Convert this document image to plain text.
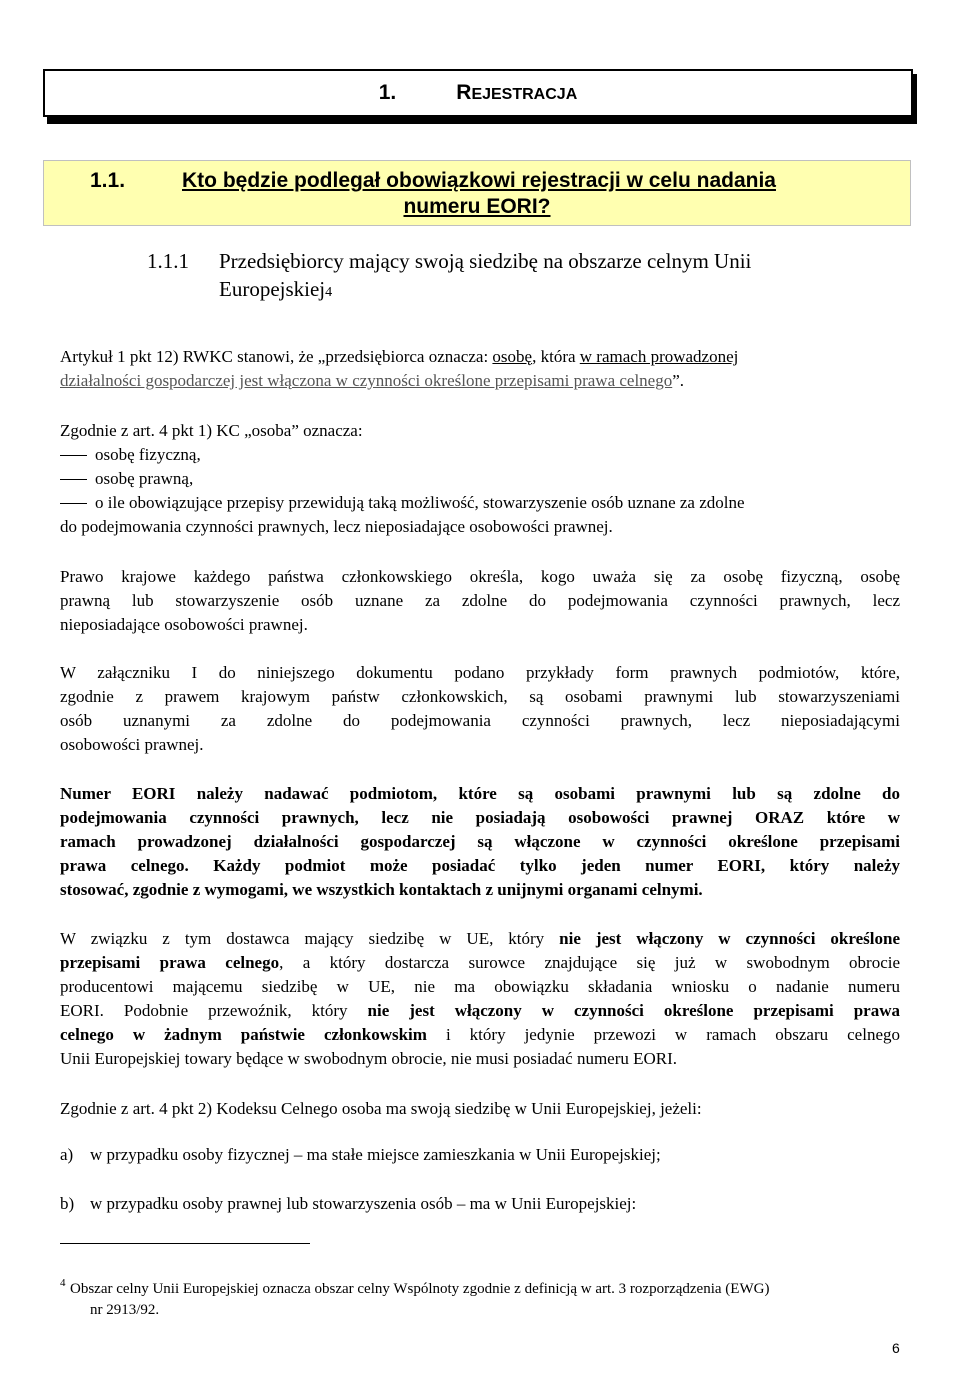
1.	REJESTRACJA
1.1.	Kto będzie podlegał obowiązkowi rejestracji w celu nadania
numeru EORI?
1.1.1 Przedsiębiorcy mający swoją siedzibę na obszarze celnym Unii
Europejskiej4
Artykuł 1 pkt 12) RWKC stanowi, że „przedsiębiorca oznacza: osobę, która w ramach prowadzonej
działalności gospodarczej jest włączona w czynności określone przepisami prawa celnego”.
Zgodnie z art. 4 pkt 1) KC „osoba” oznacza:
osobę fizyczną,
osobę prawną,
o ile obowiązujące przepisy przewidują taką możliwość, stowarzyszenie osób uznane za zdolne
do podejmowania czynności prawnych, lecz nieposiadające osobowości prawnej.
Prawo krajowe każdego państwa członkowskiego określa, kogo uważa się za osobę fizyczną, osobę
prawną lub stowarzyszenie osób uznane za zdolne do podejmowania czynności prawnych, lecz
nieposiadające osobowości prawnej.
W załączniku I do niniejszego dokumentu podano przykłady form prawnych podmiotów, które,
zgodnie z prawem krajowym państw członkowskich, są osobami prawnymi lub stowarzyszeniami
osób uznanymi za zdolne do podejmowania czynności prawnych, lecz nieposiadającymi
osobowości prawnej.
Numer EORI należy nadawać podmiotom, które są osobami prawnymi lub są zdolne do
podejmowania czynności prawnych, lecz nie posiadają osobowości prawnej ORAZ które w
ramach prowadzonej działalności gospodarczej są włączone w czynności określone przepisami
prawa celnego. Każdy podmiot może posiadać tylko jeden numer EORI, który należy
stosować, zgodnie z wymogami, we wszystkich kontaktach z unijnymi organami celnymi.
W związku z tym dostawca mający siedzibę w UE, który nie jest włączony w czynności określone
przepisami prawa celnego, a który dostarcza surowce znajdujące się już w swobodnym obrocie
producentowi mającemu siedzibę w UE, nie ma obowiązku składania wniosku o nadanie numeru
EORI. Podobnie przewoźnik, który nie jest włączony w czynności określone przepisami prawa
celnego w żadnym państwie członkowskim i który jedynie przewozi w ramach obszaru celnego
Unii Europejskiej towary będące w swobodnym obrocie, nie musi posiadać numeru EORI.
Zgodnie z art. 4 pkt 2) Kodeksu Celnego osoba ma swoją siedzibę w Unii Europejskiej, jeżeli:
a) w przypadku osoby fizycznej – ma stałe miejsce zamieszkania w Unii Europejskiej;
b) w przypadku osoby prawnej lub stowarzyszenia osób – ma w Unii Europejskiej:
4 Obszar celny Unii Europejskiej oznacza obszar celny Wspólnoty zgodnie z definicją w art. 3 rozporządzenia (EWG)
nr 2913/92.
6
